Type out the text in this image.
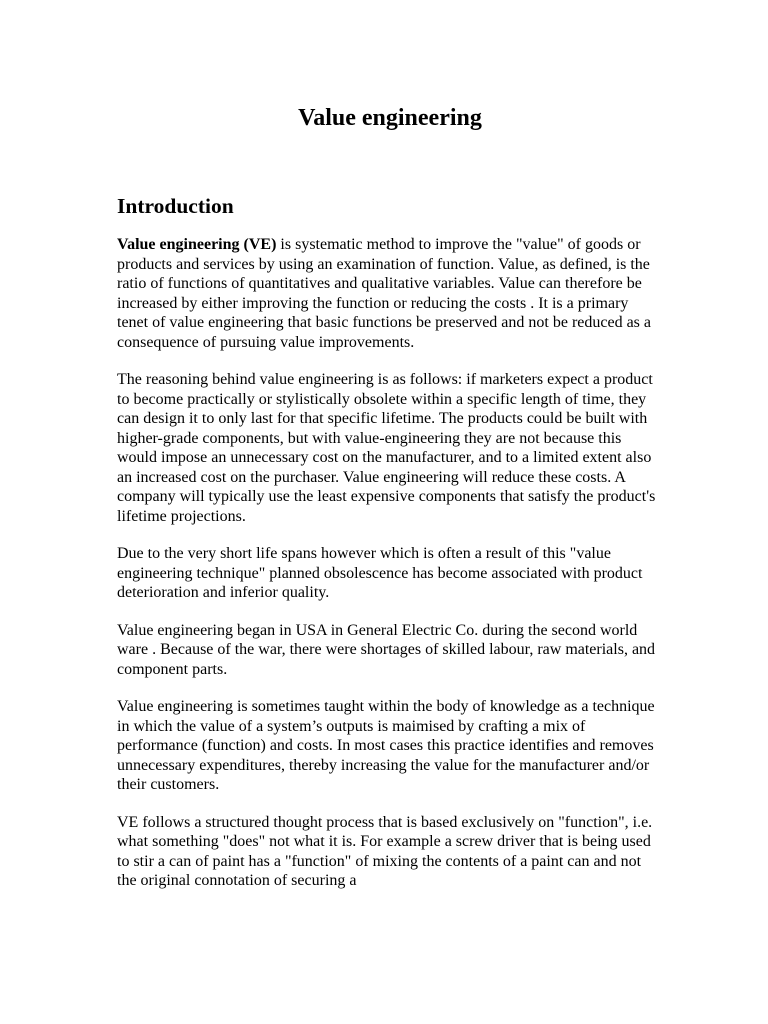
Value engineering
Introduction

Value engineering (VE) is systematic method to improve the "value" of goods or products and services by using an examination of function. Value, as defined, is the ratio of functions of quantitatives and qualitative variables. Value can therefore be increased by either improving the function or reducing the costs . It is a primary tenet of value engineering that basic functions be preserved and not be reduced as a consequence of pursuing value improvements.

The reasoning behind value engineering is as follows: if marketers expect a product to become practically or stylistically obsolete within a specific length of time, they can design it to only last for that specific lifetime. The products could be built with higher-grade components, but with value-engineering they are not because this would impose an unnecessary cost on the manufacturer, and to a limited extent also an increased cost on the purchaser. Value engineering will reduce these costs. A company will typically use the least expensive components that satisfy the product's lifetime projections.

Due to the very short life spans however which is often a result of this "value engineering technique" planned obsolescence has become associated with product deterioration and inferior quality.

Value engineering began in USA in General Electric Co. during the second world ware . Because of the war, there were shortages of skilled labour, raw materials, and component parts.

Value engineering is sometimes taught within the body of knowledge as a technique in which the value of a system’s outputs is maimised by crafting a mix of performance (function) and costs. In most cases this practice identifies and removes unnecessary expenditures, thereby increasing the value for the manufacturer and/or their customers.

VE follows a structured thought process that is based exclusively on "function", i.e. what something "does" not what it is. For example a screw driver that is being used to stir a can of paint has a "function" of mixing the contents of a paint can and not the original connotation of securing a
